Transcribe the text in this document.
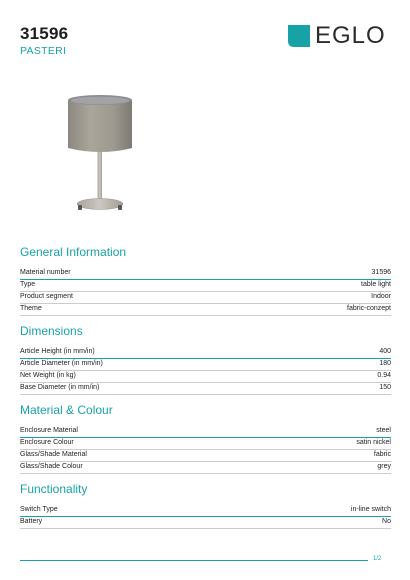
31596
PASTERI
EGLO
General Information
Material number	31596
Type	table light
Product segment	Indoor
Theme	fabric-conzept
Dimensions
Article Height (in mm/in)	400
Article Diameter (in mm/in)	180
Net Weight (in kg)	0.94
Base Diameter (in mm/in)	150
Material & Colour
Enclosure Material	steel
Enclosure Colour	satin nickel
Glass/Shade Material	fabric
Glass/Shade Colour	grey
Functionality
Switch Type	in-line switch
Battery	No
1/2
